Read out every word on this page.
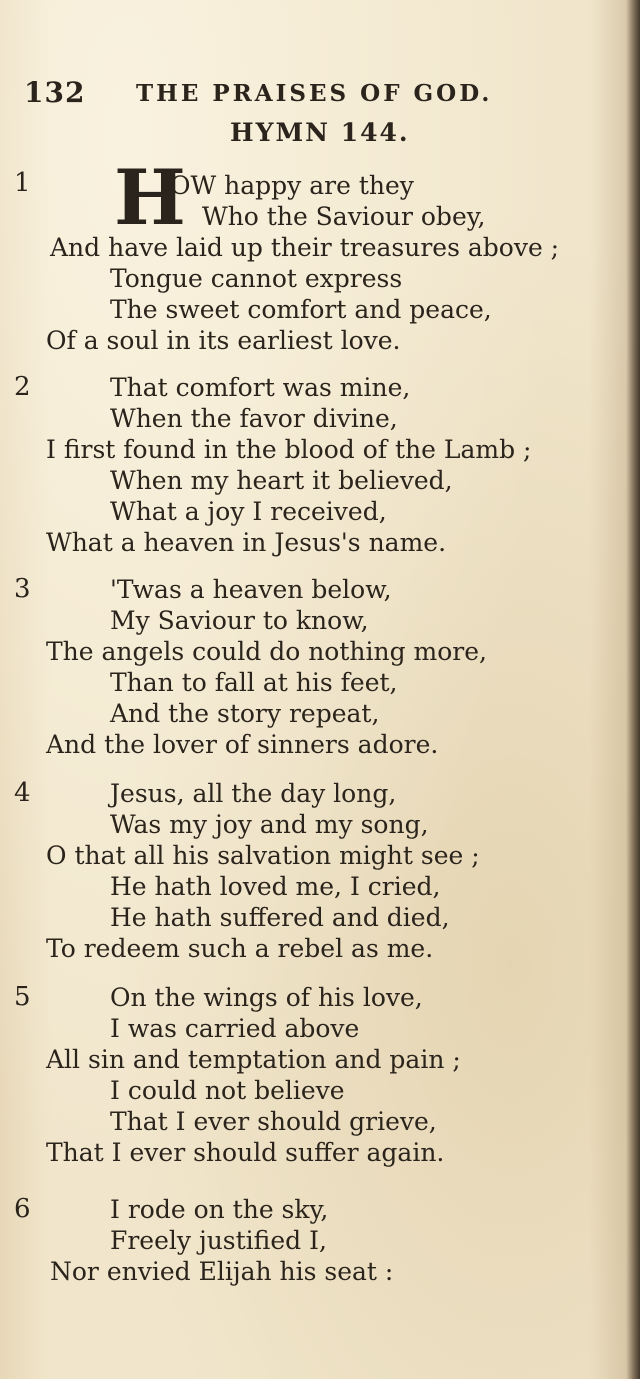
132 THE PRAISES OF GOD.
HYMN 144.
1 H
OW happy are they
Who the Saviour obey,
And have laid up their treasures above ;
Tongue cannot express
The sweet comfort and peace,
Of a soul in its earliest love.
2	That comfort was mine,
When the favor divine,
I first found in the blood of the Lamb ;
When my heart it believed,
What a joy I received,
What a heaven in Jesus's name.
3	'Twas a heaven below,
My Saviour to know,
The angels could do nothing more,
Than to fall at his feet,
And the story repeat,
And the lover of sinners adore.
4	Jesus, all the day long,
Was my joy and my song,
O that all his salvation might see ;
He hath loved me, I cried,
He hath suffered and died,
To redeem such a rebel as me.
5	On the wings of his love,
I was carried above
All sin and temptation and pain ;
I could not believe
That I ever should grieve,
That I ever should suffer again.
6	I rode on the sky,
Freely justified I,
Nor envied Elijah his seat :
